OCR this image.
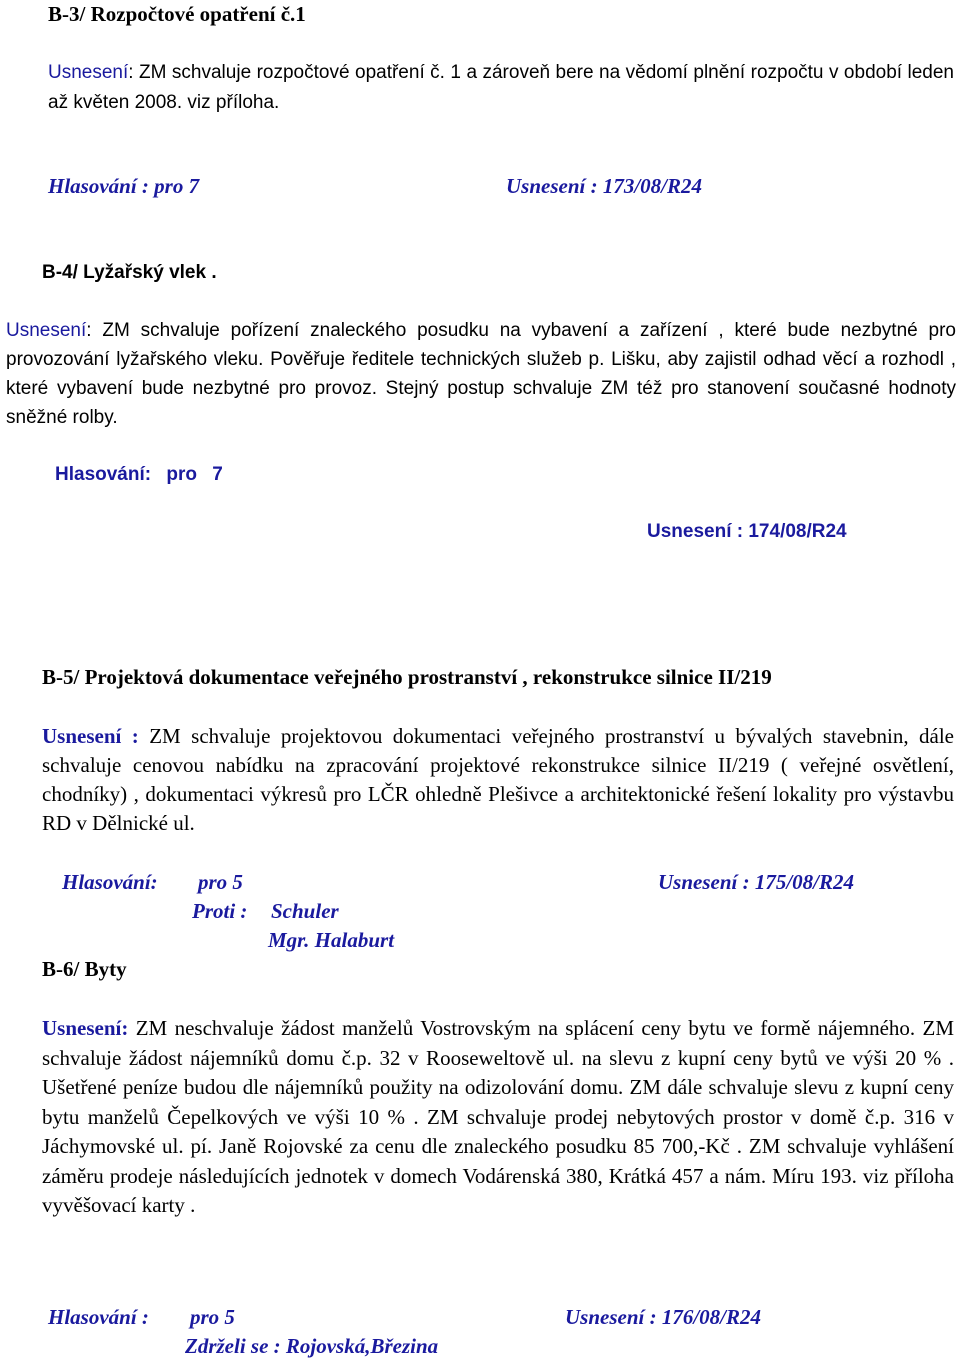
B-3/ Rozpočtové opatření č.1
Usnesení: ZM schvaluje rozpočtové opatření č. 1 a zároveň bere na vědomí plnění rozpočtu v období leden až květen 2008. viz příloha.
Hlasování : pro 7	Usnesení : 173/08/R24
B-4/ Lyžařský vlek .
Usnesení: ZM schvaluje pořízení znaleckého posudku na vybavení a zařízení , které bude nezbytné pro provozování lyžařského vleku. Pověřuje ředitele technických služeb p. Lišku, aby zajistil odhad věcí a rozhodl , které vybavení bude nezbytné pro provoz. Stejný postup schvaluje ZM též pro stanovení současné hodnoty sněžné rolby.
Hlasování: pro 7
Usnesení : 174/08/R24
B-5/ Projektová dokumentace veřejného prostranství , rekonstrukce silnice II/219
Usnesení : ZM schvaluje projektovou dokumentaci veřejného prostranství u bývalých stavebnin, dále schvaluje cenovou nabídku na zpracování projektové rekonstrukce silnice II/219 ( veřejné osvětlení, chodníky) , dokumentaci výkresů pro LČR ohledně Plešivce a architektonické řešení lokality pro výstavbu RD v Dělnické ul.
Hlasování: pro 5	Usnesení : 175/08/R24
Proti : Schuler
Mgr. Halaburt
B-6/ Byty
Usnesení: ZM neschvaluje žádost manželů Vostrovským na splácení ceny bytu ve formě nájemného. ZM schvaluje žádost nájemníků domu č.p. 32 v Rooseweltově ul. na slevu z kupní ceny bytů ve výši 20 % . Ušetřené peníze budou dle nájemníků použity na odizolování domu. ZM dále schvaluje slevu z kupní ceny bytu manželů Čepelkových ve výši 10 % . ZM schvaluje prodej nebytových prostor v domě č.p. 316 v Jáchymovské ul. pí. Janě Rojovské za cenu dle znaleckého posudku 85 700,-Kč . ZM schvaluje vyhlášení záměru prodeje následujících jednotek v domech Vodárenská 380, Krátká 457 a nám. Míru 193. viz příloha vyvěšovací karty .
Hlasování : pro 5	Usnesení : 176/08/R24
Zdrželi se : Rojovská,Březina
